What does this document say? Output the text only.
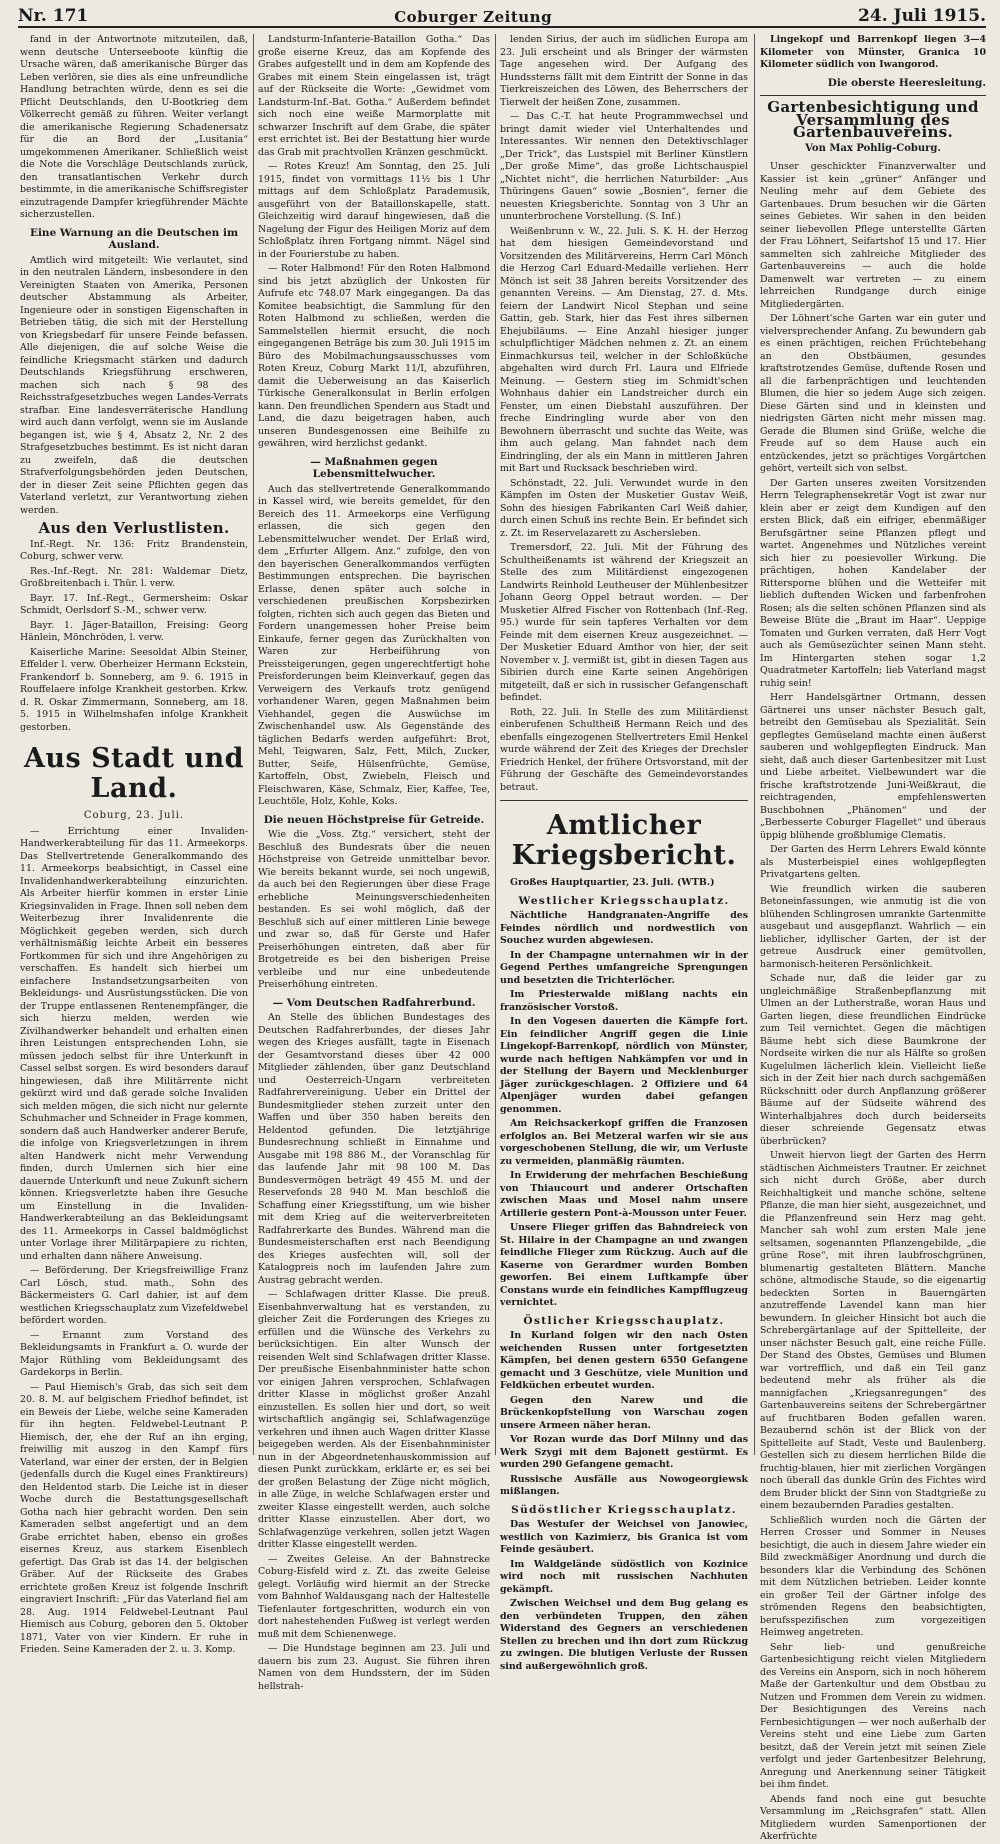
Nr. 171	Coburger Zeitung	24. Juli 1915.

fand in der Antwortnote mitzuteilen, daß, wenn deutsche Unterseeboote künftig die Ursache wären, daß amerikanische Bürger das Leben verlören, sie dies als eine unfreundliche Handlung betrachten würde, denn es sei die Pflicht Deutschlands, den U-Bootkrieg dem Völkerrecht gemäß zu führen. Weiter verlangt die amerikanische Regierung Schadenersatz für die an Bord der „Lusitania“ umgekommenen Amerikaner. Schließlich weist die Note die Vorschläge Deutschlands zurück, den transatlantischen Verkehr durch bestimmte, in die amerikanische Schiffsregister einzutragende Dampfer kriegführender Mächte sicherzustellen.

Eine Warnung an die Deutschen im Ausland.

Amtlich wird mitgeteilt: Wie verlautet, sind in den neutralen Ländern, insbesondere in den Vereinigten Staaten von Amerika, Personen deutscher Abstammung als Arbeiter, Ingenieure oder in sonstigen Eigenschaften in Betrieben tätig, die sich mit der Herstellung von Kriegsbedarf für unsere Feinde befassen. Alle diejenigen, die auf solche Weise die feindliche Kriegsmacht stärken und dadurch Deutschlands Kriegsführung erschweren, machen sich nach § 98 des Reichsstrafgesetzbuches wegen Landes-Verrats strafbar. Eine landesverräterische Handlung wird auch dann verfolgt, wenn sie im Auslande begangen ist, wie § 4, Absatz 2, Nr. 2 des Strafgesetzbuches bestimmt. Es ist nicht daran zu zweifeln, daß die deutschen Strafverfolgungsbehörden jeden Deutschen, der in dieser Zeit seine Pflichten gegen das Vaterland verletzt, zur Verantwortung ziehen werden.

Aus den Verlustlisten.

Inf.-Regt. Nr. 136: Fritz Brandenstein, Coburg, schwer verw.

Res.-Inf.-Regt. Nr. 281: Waldemar Dietz, Großbreitenbach i. Thür. l. verw.

Bayr. 17. Inf.-Regt., Germersheim: Oskar Schmidt, Oerlsdorf S.-M., schwer verw.

Bayr. 1. Jäger-Bataillon, Freising: Georg Hänlein, Mönchröden, l. verw.

Kaiserliche Marine: Seesoldat Albin Steiner, Effelder l. verw. Oberheizer Hermann Eckstein, Frankendorf b. Sonneberg, am 9. 6. 1915 in Rouffelaere infolge Krankheit gestorben. Krkw. d. R. Oskar Zimmermann, Sonneberg, am 18. 5. 1915 in Wilhelmshafen infolge Krankheit gestorben.

Aus Stadt und Land.
Coburg, 23. Juli.

— Errichtung einer Invaliden-Handwerkerabteilung für das 11. Armeekorps. Das Stellvertretende Generalkommando des 11. Armeekorps beabsichtigt, in Cassel eine Invalidenhandwerkerabteilung einzurichten. Als Arbeiter hierfür kommen in erster Linie Kriegsinvaliden in Frage. Ihnen soll neben dem Weiterbezug ihrer Invalidenrente die Möglichkeit gegeben werden, sich durch verhältnismäßig leichte Arbeit ein besseres Fortkommen für sich und ihre Angehörigen zu verschaffen. Es handelt sich hierbei um einfachere Instandsetzungsarbeiten von Bekleidungs- und Ausrüstungsstücken. Die von der Truppe entlassenen Rentenempfänger, die sich hierzu melden, werden wie Zivilhandwerker behandelt und erhalten einen ihren Leistungen entsprechenden Lohn, sie müssen jedoch selbst für ihre Unterkunft in Cassel selbst sorgen. Es wird besonders darauf hingewiesen, daß ihre Militärrente nicht gekürzt wird und daß gerade solche Invaliden sich melden mögen, die sich nicht nur gelernte Schuhmacher und Schneider in Frage kommen, sondern daß auch Handwerker anderer Berufe, die infolge von Kriegsverletzungen in ihrem alten Handwerk nicht mehr Verwendung finden, durch Umlernen sich hier eine dauernde Unterkunft und neue Zukunft sichern können. Kriegsverletzte haben ihre Gesuche um Einstellung in die Invaliden-Handwerkerabteilung an das Bekleidungsamt des 11. Armeekorps in Cassel baldmöglichst unter Vorlage ihrer Militärpapiere zu richten, und erhalten dann nähere Anweisung.

— Beförderung. Der Kriegsfreiwillige Franz Carl Lösch, stud. math., Sohn des Bäckermeisters G. Carl dahier, ist auf dem westlichen Kriegsschauplatz zum Vizefeldwebel befördert worden.

— Ernannt zum Vorstand des Bekleidungsamts in Frankfurt a. O. wurde der Major Rüthling vom Bekleidungsamt des Gardekorps in Berlin.

— Paul Hiemisch's Grab, das sich seit dem 20. 8. M. auf belgischem Friedhof befindet, ist ein Beweis der Liebe, welche seine Kameraden für ihn hegten. Feldwebel-Leutnant P. Hiemisch, der, ehe der Ruf an ihn erging, freiwillig mit auszog in den Kampf fürs Vaterland, war einer der ersten, der in Belgien (jedenfalls durch die Kugel eines Franktireurs) den Heldentod starb. Die Leiche ist in dieser Woche durch die Bestattungsgesellschaft Gotha nach hier gebracht worden. Den sein Kameraden selbst angefertigt und an dem Grabe errichtet haben, ebenso ein großes eisernes Kreuz, aus starkem Eisenblech gefertigt. Das Grab ist das 14. der belgischen Gräber. Auf der Rückseite des Grabes errichtete großen Kreuz ist folgende Inschrift eingraviert Inschrift: „Für das Vaterland fiel am 28. Aug. 1914 Feldwebel-Leutnant Paul Hiemisch aus Coburg, geboren den 5. Oktober 1871, Vater von vier Kindern. Er ruhe in Frieden. Seine Kameraden der 2. u. 3. Komp.

Landsturm-Infanterie-Bataillon Gotha.“ Das große eiserne Kreuz, das am Kopfende des Grabes aufgestellt und in dem am Kopfende des Grabes mit einem Stein eingelassen ist, trägt auf der Rückseite die Worte: „Gewidmet vom Landsturm-Inf.-Bat. Gotha.“ Außerdem befindet sich noch eine weiße Marmorplatte mit schwarzer Inschrift auf dem Grabe, die später erst errichtet ist. Bei der Bestattung hier wurde das Grab mit prachtvollen Kränzen geschmückt.

— Rotes Kreuz! Am Sonntag, den 25. Juli 1915, findet von vormittags 11½ bis 1 Uhr mittags auf dem Schloßplatz Parademusik, ausgeführt von der Bataillonskapelle, statt. Gleichzeitig wird darauf hingewiesen, daß die Nagelung der Figur des Heiligen Moriz auf dem Schloßplatz ihren Fortgang nimmt. Nägel sind in der Fourierstube zu haben.

— Roter Halbmond! Für den Roten Halbmond sind bis jetzt abzüglich der Unkosten für Aufrufe etc 748.07 Mark eingegangen. Da das Komitee beabsichtigt, die Sammlung für den Roten Halbmond zu schließen, werden die Sammelstellen hiermit ersucht, die noch eingegangenen Beträge bis zum 30. Juli 1915 im Büro des Mobilmachungsausschusses vom Roten Kreuz, Coburg Markt 11/I, abzuführen, damit die Ueberweisung an das Kaiserlich Türkische Generalkonsulat in Berlin erfolgen kann. Den freundlichen Spendern aus Stadt und Land, die dazu beigetragen haben, auch unseren Bundesgenossen eine Beihilfe zu gewähren, wird herzlichst gedankt.

— Maßnahmen gegen Lebensmittelwucher.

Auch das stellvertretende Generalkommando in Kassel wird, wie bereits gemeldet, für den Bereich des 11. Armeekorps eine Verfügung erlassen, die sich gegen den Lebensmittelwucher wendet. Der Erlaß wird, dem „Erfurter Allgem. Anz.“ zufolge, den von den bayerischen Generalkommandos verfügten Bestimmungen entsprechen. Die bayrischen Erlasse, denen später auch solche in verschiedenen preußischen Korpsbezirken folgten, richten sich auch gegen das Bieten und Fordern unangemessen hoher Preise beim Einkaufe, ferner gegen das Zurückhalten von Waren zur Herbeiführung von Preissteigerungen, gegen ungerechtfertigt hohe Preisforderungen beim Kleinverkauf, gegen das Verweigern des Verkaufs trotz genügend vorhandener Waren, gegen Maßnahmen beim Viehhandel, gegen die Auswüchse im Zwischenhandel usw. Als Gegenstände des täglichen Bedarfs werden aufgeführt: Brot, Mehl, Teigwaren, Salz, Fett, Milch, Zucker, Butter, Seife, Hülsenfrüchte, Gemüse, Kartoffeln, Obst, Zwiebeln, Fleisch und Fleischwaren, Käse, Schmalz, Eier, Kaffee, Tee, Leuchtöle, Holz, Kohle, Koks.

Die neuen Höchstpreise für Getreide.

Wie die „Voss. Ztg.“ versichert, steht der Beschluß des Bundesrats über die neuen Höchstpreise von Getreide unmittelbar bevor. Wie bereits bekannt wurde, sei noch ungewiß, da auch bei den Regierungen über diese Frage erhebliche Meinungsverschiedenheiten bestanden. Es sei wohl möglich, daß der Beschluß sich auf einer mittleren Linie bewege und zwar so, daß für Gerste und Hafer Preiserhöhungen eintreten, daß aber für Brotgetreide es bei den bisherigen Preise verbleibe und nur eine unbedeutende Preiserhöhung eintreten.

— Vom Deutschen Radfahrerbund.

An Stelle des üblichen Bundestages des Deutschen Radfahrerbundes, der dieses Jahr wegen des Krieges ausfällt, tagte in Eisenach der Gesamtvorstand dieses über 42 000 Mitglieder zählenden, über ganz Deutschland und Oesterreich-Ungarn verbreiteten Radfahrervereinigung. Ueber ein Drittel der Bundesmitglieder stehen zurzeit unter den Waffen und über 350 haben bereits den Heldentod gefunden. Die letztjährige Bundesrechnung schließt in Einnahme und Ausgabe mit 198 886 M., der Voranschlag für das laufende Jahr mit 98 100 M. Das Bundesvermögen beträgt 49 455 M. und der Reservefonds 28 940 M. Man beschloß die Schaffung einer Kriegsstiftung, um wie bisher mit dem Krieg auf die weiterverbreiteten Radfahrerkarte des Bundes. Während man die Bundesmeisterschaften erst nach Beendigung des Krieges ausfechten will, soll der Katalogpreis noch im laufenden Jahre zum Austrag gebracht werden.

— Schlafwagen dritter Klasse. Die preuß. Eisenbahnverwaltung hat es verstanden, zu gleicher Zeit die Forderungen des Krieges zu erfüllen und die Wünsche des Verkehrs zu berücksichtigen. Ein alter Wunsch der reisenden Welt sind Schlafwagen dritter Klasse. Der preußische Eisenbahnminister hatte schon vor einigen Jahren versprochen, Schlafwagen dritter Klasse in möglichst großer Anzahl einzustellen. Es sollen hier und dort, so weit wirtschaftlich angängig sei, Schlafwagenzüge verkehren und ihnen auch Wagen dritter Klasse beigegeben werden. Als der Eisenbahnminister nun in der Abgeordnetenhauskommission auf diesen Punkt zurückkam, erklärte er, es sei bei der großen Belastung der Züge nicht möglich, in alle Züge, in welche Schlafwagen erster und zweiter Klasse eingestellt werden, auch solche dritter Klasse einzustellen. Aber dort, wo Schlafwagenzüge verkehren, sollen jetzt Wagen dritter Klasse eingestellt werden.

— Zweites Geleise. An der Bahnstrecke Coburg-Eisfeld wird z. Zt. das zweite Geleise gelegt. Vorläufig wird hiermit an der Strecke vom Bahnhof Waldausgang nach der Haltestelle Tiefenlauter fortgeschritten, wodurch ein von dort nahestehenden Fußweg ist verlegt werden muß mit dem Schienenwege.

— Die Hundstage beginnen am 23. Juli und dauern bis zum 23. August. Sie führen ihren Namen von dem Hundsstern, der im Süden hellstrah-

lenden Sirius, der auch im südlichen Europa am 23. Juli erscheint und als Bringer der wärmsten Tage angesehen wird. Der Aufgang des Hundssterns fällt mit dem Eintritt der Sonne in das Tierkreiszeichen des Löwen, des Beherrschers der Tierwelt der heißen Zone, zusammen.

— Das C.-T. hat heute Programmwechsel und bringt damit wieder viel Unterhaltendes und Interessantes. Wir nennen den Detektivschlager „Der Trick“, das Lustspiel mit Berliner Künstlern „Der große Mime“, das große Lichtschauspiel „Nichtet nicht“, die herrlichen Naturbilder: „Aus Thüringens Gauen“ sowie „Bosnien“, ferner die neuesten Kriegsberichte. Sonntag von 3 Uhr an ununterbrochene Vorstellung. (S. Inf.)

Weißenbrunn v. W., 22. Juli. S. K. H. der Herzog hat dem hiesigen Gemeindevorstand und Vorsitzenden des Militärvereins, Herrn Carl Mönch die Herzog Carl Eduard-Medaille verliehen. Herr Mönch ist seit 38 Jahren bereits Vorsitzender des genannten Vereins. — Am Dienstag, 27. d. Mts. feiern der Landwirt Nicol Stephan und seine Gattin, geb. Stark, hier das Fest ihres silbernen Ehejubiläums. — Eine Anzahl hiesiger junger schulpflichtiger Mädchen nehmen z. Zt. an einem Einmachkursus teil, welcher in der Schloßküche abgehalten wird durch Frl. Laura und Elfriede Meinung. — Gestern stieg im Schmidt'schen Wohnhaus dahier ein Landstreicher durch ein Fenster, um einen Diebstahl auszuführen. Der freche Eindringling wurde aber von den Bewohnern überrascht und suchte das Weite, was ihm auch gelang. Man fahndet nach dem Eindringling, der als ein Mann in mittleren Jahren mit Bart und Rucksack beschrieben wird.

Schönstadt, 22. Juli. Verwundet wurde in den Kämpfen im Osten der Musketier Gustav Weiß, Sohn des hiesigen Fabrikanten Carl Weiß dahier, durch einen Schuß ins rechte Bein. Er befindet sich z. Zt. im Reservelazarett zu Aschersleben.

Tremersdorf, 22. Juli. Mit der Führung des Schultheißenamts ist während der Kriegszeit an Stelle des zum Militärdienst eingezogenen Landwirts Reinhold Leutheuser der Mühlenbesitzer Johann Georg Oppel betraut worden. — Der Musketier Alfred Fischer von Rottenbach (Inf.-Reg. 95.) wurde für sein tapferes Verhalten vor dem Feinde mit dem eisernen Kreuz ausgezeichnet. — Der Musketier Eduard Amthor von hier, der seit November v. J. vermißt ist, gibt in diesen Tagen aus Sibirien durch eine Karte seinen Angehörigen mitgeteilt, daß er sich in russischer Gefangenschaft befindet.

Roth, 22. Juli. In Stelle des zum Militärdienst einberufenen Schultheiß Hermann Reich und des ebenfalls eingezogenen Stellvertreters Emil Henkel wurde während der Zeit des Krieges der Drechsler Friedrich Henkel, der frühere Ortsvorstand, mit der Führung der Geschäfte des Gemeindevorstandes betraut.

Amtlicher Kriegsbericht.

Großes Hauptquartier, 23. Juli. (WTB.)

Westlicher Kriegsschauplatz.

Nächtliche Handgranaten-Angriffe des Feindes nördlich und nordwestlich von Souchez wurden abgewiesen.

In der Champagne unternahmen wir in der Gegend Perthes umfangreiche Sprengungen und besetzten die Trichterlöcher.

Im Priesterwalde mißlang nachts ein französischer Vorstoß.

In den Vogesen dauerten die Kämpfe fort. Ein feindlicher Angriff gegen die Linie Lingekopf-Barrenkopf, nördlich von Münster, wurde nach heftigen Nahkämpfen vor und in der Stellung der Bayern und Mecklenburger Jäger zurückgeschlagen. 2 Offiziere und 64 Alpenjäger wurden dabei gefangen genommen.

Am Reichsackerkopf griffen die Franzosen erfolglos an. Bei Metzeral warfen wir sie aus vorgeschobenen Stellung, die wir, um Verluste zu vermeiden, planmäßig räumten.

In Erwiderung der mehrfachen Beschießung von Thiaucourt und anderer Ortschaften zwischen Maas und Mosel nahm unsere Artillerie gestern Pont-à-Mousson unter Feuer.

Unsere Flieger griffen das Bahndreieck von St. Hilaire in der Champagne an und zwangen feindliche Flieger zum Rückzug. Auch auf die Kaserne von Gerardmer wurden Bomben geworfen. Bei einem Luftkampfe über Constans wurde ein feindliches Kampfflugzeug vernichtet.

Östlicher Kriegsschauplatz.

In Kurland folgen wir den nach Osten weichenden Russen unter fortgesetzten Kämpfen, bei denen gestern 6550 Gefangene gemacht und 3 Geschütze, viele Munition und Feldküchen erbeutet wurden.

Gegen den Narew und die Brückenkopfstellung von Warschau zogen unsere Armeen näher heran.

Vor Rozan wurde das Dorf Milnny und das Werk Szygi mit dem Bajonett gestürmt. Es wurden 290 Gefangene gemacht.

Russische Ausfälle aus Nowogeorgiewsk mißlangen.

Südöstlicher Kriegsschauplatz.

Das Westufer der Weichsel von Janowiec, westlich von Kazimierz, bis Granica ist vom Feinde gesäubert.

Im Waldgelände südöstlich von Kozinice wird noch mit russischen Nachhuten gekämpft.

Zwischen Weichsel und dem Bug gelang es den verbündeten Truppen, den zähen Widerstand des Gegners an verschiedenen Stellen zu brechen und ihn dort zum Rückzug zu zwingen. Die blutigen Verluste der Russen sind außergewöhnlich groß.

Lingekopf und Barrenkopf liegen 3—4 Kilometer von Münster, Granica 10 Kilometer südlich von Iwangorod.

Die oberste Heeresleitung.
Gartenbesichtigung und Versammlung des Gartenbauvereins.
Von Max Pohlig-Coburg.

Unser geschickter Finanzverwalter und Kassier ist kein „grüner“ Anfänger und Neuling mehr auf dem Gebiete des Gartenbaues. Drum besuchen wir die Gärten seines Gebietes. Wir sahen in den beiden seiner liebevollen Pflege unterstellte Gärten der Frau Löhnert, Seifartshof 15 und 17. Hier sammelten sich zahlreiche Mitglieder des Gartenbauvereins — auch die holde Damenwelt war vertreten — zu einem lehrreichen Rundgange durch einige Mitgliedergärten.

Der Löhnert'sche Garten war ein guter und vielversprechender Anfang. Zu bewundern gab es einen prächtigen, reichen Früchtebehang an den Obstbäumen, gesundes kraftstrotzendes Gemüse, duftende Rosen und all die farbenprächtigen und leuchtenden Blumen, die hier so jedem Auge sich zeigen. Diese Gärten sind und in kleinsten und niedrigsten Gärten nicht mehr missen mag. Gerade die Blumen sind Grüße, welche die Freude auf so dem Hause auch ein entzückendes, jetzt so prächtiges Vorgärtchen gehört, verteilt sich von selbst.

Der Garten unseres zweiten Vorsitzenden Herrn Telegraphensekretär Vogt ist zwar nur klein aber er zeigt dem Kundigen auf den ersten Blick, daß ein eifriger, ebenmäßiger Berufsgärtner seine Pflanzen pflegt und wartet. Angenehmes und Nützliches vereint sich hier zu poesievoller Wirkung. Die prächtigen, hohen Kandelaber der Rittersporne blühen und die Wetteifer mit lieblich duftenden Wicken und farbenfrohen Rosen; als die selten schönen Pflanzen sind als Beweise Blüte die „Braut im Haar“. Ueppige Tomaten und Gurken verraten, daß Herr Vogt auch als Gemüsezüchter seinen Mann steht. Im Hintergarten stehen sogar 1,2 Quadratmeter Kartoffeln; lieb Vaterland magst ruhig sein!

Herr Handelsgärtner Ortmann, dessen Gärtnerei uns unser nächster Besuch galt, betreibt den Gemüsebau als Spezialität. Sein gepflegtes Gemüseland machte einen äußerst sauberen und wohlgepflegten Eindruck. Man sieht, daß auch dieser Gartenbesitzer mit Lust und Liebe arbeitet. Vielbewundert war die frische kraftstrotzende Juni-Weißkraut, die reichtragenden, empfehlenswerten Buschbohnen „Phänomen“ und der „Berbesserte Coburger Flagellet“ und überaus üppig blühende großblumige Clematis.

Der Garten des Herrn Lehrers Ewald könnte als Musterbeispiel eines wohlgepflegten Privatgartens gelten.

Wie freundlich wirken die sauberen Betoneinfassungen, wie anmutig ist die von blühenden Schlingrosen umrankte Gartenmitte ausgebaut und ausgepflanzt. Wahrlich — ein lieblicher, idyllischer Garten, der ist der getreue Ausdruck einer gemütvollen, harmonisch-heiteren Persönlichkeit.

Schade nur, daß die leider gar zu ungleichmäßige Straßenbepflanzung mit Ulmen an der Lutherstraße, woran Haus und Garten liegen, diese freundlichen Eindrücke zum Teil vernichtet. Gegen die mächtigen Bäume hebt sich diese Baumkrone der Nordseite wirken die nur als Hälfte so großen Kugelulmen lächerlich klein. Vielleicht ließe sich in der Zeit hier nach durch sachgemäßen Rückschnitt oder durch Anpflanzung größerer Bäume auf der Südseite während des Winterhalbjahres doch durch beiderseits dieser schreiende Gegensatz etwas überbrücken?

Unweit hiervon liegt der Garten des Herrn städtischen Aichmeisters Trautner. Er zeichnet sich nicht durch Größe, aber durch Reichhaltigkeit und manche schöne, seltene Pflanze, die man hier sieht, ausgezeichnet, und die Pflanzenfreund sein Herz mag geht. Mancher sah wohl zum ersten Male jene seltsamen, sogenannten Pflanzengebilde, „die grüne Rose“, mit ihren laubfroschgrünen, blumenartig gestalteten Blättern. Manche schöne, altmodische Staude, so die eigenartig bedeckten Sorten in Bauerngärten anzutreffende Lavendel kann man hier bewundern. In gleicher Hinsicht bot auch die Schrebergärtanlage auf der Spittelleite, der unser nächster Besuch galt, eine reiche Fülle. Der Stand des Obstes, Gemüses und Blumen war vortrefflich, und daß ein Teil ganz bedeutend mehr als früher als die mannigfachen „Kriegsanregungen“ des Gartenbauvereins seitens der Schrebergärtner auf fruchtbaren Boden gefallen waren. Bezaubernd schön ist der Blick von der Spittelleite auf Stadt, Veste und Baulenberg. Gestellen sich zu diesem herrlichen Bilde die fruchtig-blauen, hier mit zierlichen Vorgängen noch überall das dunkle Grün des Fichtes wird dem Bruder blickt der Sinn von Stadtgrieße zu einem bezaubernden Paradies gestalten.

Schließlich wurden noch die Gärten der Herren Crosser und Sommer in Neuses besichtigt, die auch in diesem Jahre wieder ein Bild zweckmäßiger Anordnung und durch die besonders klar die Verbindung des Schönen mit dem Nützlichen betrieben. Leider konnte ein großer Teil der Gärtner infolge des strömenden Regens den beabsichtigten, berufsspezifischen zum vorgezeitigen Heimweg angetreten.

Sehr lieb- und genußreiche Gartenbesichtigung reicht vielen Mitgliedern des Vereins ein Ansporn, sich in noch höherem Maße der Gartenkultur und dem Obstbau zu Nutzen und Frommen dem Verein zu widmen. Der Besichtigungen des Vereins nach Fernbesichtigungen — wer noch außerhalb der Vereins steht und eine Liebe zum Garten besitzt, daß der Verein jetzt mit seinen Ziele verfolgt und jeder Gartenbesitzer Belehrung, Anregung und Anerkennung seiner Tätigkeit bei ihm findet.

Abends fand noch eine gut besuchte Versammlung im „Reichsgrafen“ statt. Allen Mitgliedern wurden Samenportionen der Akerfrüchte
